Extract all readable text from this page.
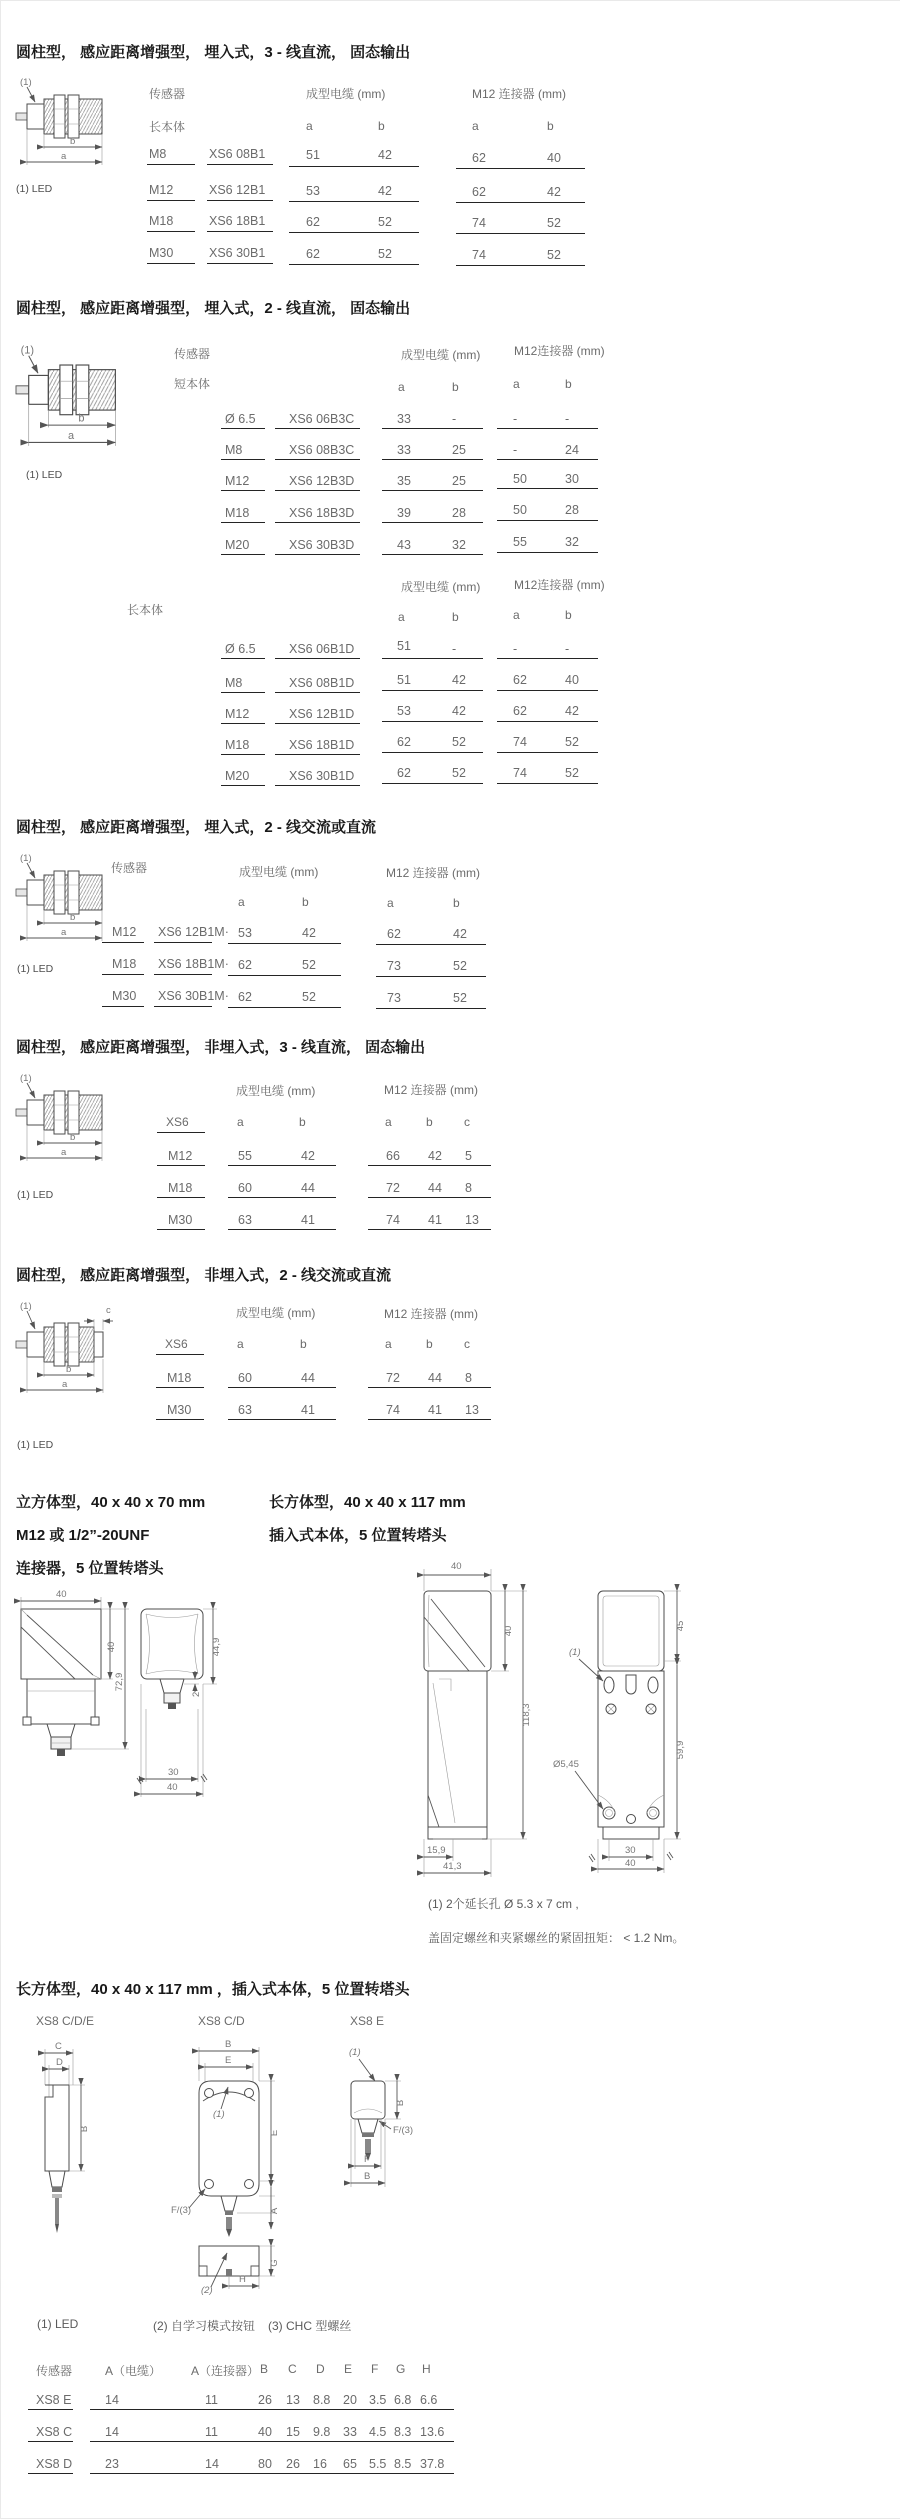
圆柱型， 感应距离增强型， 埋入式，3 - 线直流， 固态输出
(1)
b
a
(1) LED
传感器	成型电缆 (mm)	M12 连接器 (mm)
长本体	a	b	a	b
M8	XS6 08B1	51	42	62	40
M12	XS6 12B1	53	42	62	42
M18	XS6 18B1	62	52	74	52
M30	XS6 30B1	62	52	74	52
圆柱型， 感应距离增强型， 埋入式，2 - 线直流， 固态输出
(1)
b
a
(1) LED
传感器	成型电缆 (mm)	M12连接器 (mm)
短本体	a	b	a	b
Ø 6.5	XS6 06B3C	33	-	-	-
M8	XS6 08B3C	33	25	-	24
M12	XS6 12B3D	35	25	50	30
M18	XS6 18B3D	39	28	50	28
M20	XS6 30B3D	43	32	55	32
成型电缆 (mm)	M12连接器 (mm)
长本体	a	b	a	b
Ø 6.5	XS6 06B1D	51	-	-	-
M8	XS6 08B1D	51	42	62	40
M12	XS6 12B1D	53	42	62	42
M18	XS6 18B1D	62	52	74	52
M20	XS6 30B1D	62	52	74	52
圆柱型， 感应距离增强型， 埋入式，2 - 线交流或直流
(1)
b
a
(1) LED
传感器	成型电缆 (mm)	M12 连接器 (mm)
a	b	a	b
M12 XS6 12B1M· 53	42	62	42
M18 XS6 18B1M· 62	52	73	52
M30 XS6 30B1M· 62	52	73	52
圆柱型， 感应距离增强型， 非埋入式，3 - 线直流， 固态输出
(1)
b
a
(1) LED
成型电缆 (mm)	M12 连接器 (mm)
XS6	a	b	a	b	c
M12	55	42	66 42 5
M18	60	44	72 44 8
M30	63	41	74 41 13
圆柱型， 感应距离增强型， 非埋入式，2 - 线交流或直流
(1)	c
b
a
(1) LED
成型电缆 (mm)	M12 连接器 (mm)
XS6	a	b	a	b	c
M18	60	44	72 44 8
M30	63	41	74 41 13
立方体型，40 x 40 x 70 mm
M12 或 1/2”-20UNF
连接器，5 位置转塔头
长方体型，40 x 40 x 117 mm
插入式本体，5 位置转塔头
40
40
72,9
44,9
2
30
40
40
40
118,3
15,9
41,3
(1)
Ø5,45
45
59,9
30
40
(1) 2个延长孔 Ø 5.3 x 7 cm ,
盖固定螺丝和夹紧螺丝的紧固扭矩： < 1.2 Nm。
长方体型，40 x 40 x 117 mm ，插入式本体，5 位置转塔头
XS8 C/D/E	XS8 C/D	XS8 E
C
D
B
B
E
(1)
E
A
F/(3)
G
H
(2)
(1)
B
F/(3)
F
B
(1) LED	(2) 自学习模式按钮 (3) CHC 型螺丝
传感器	A（电缆） A（连接器） B C D E F G H
XS8 E	14	11	26 13 8.8 20 3.5 6.8 6.6
XS8 C	14	11	40 15 9.8 33 4.5 8.3 13.6
XS8 D	23	14	80 26 16 65 5.5 8.5 37.8
